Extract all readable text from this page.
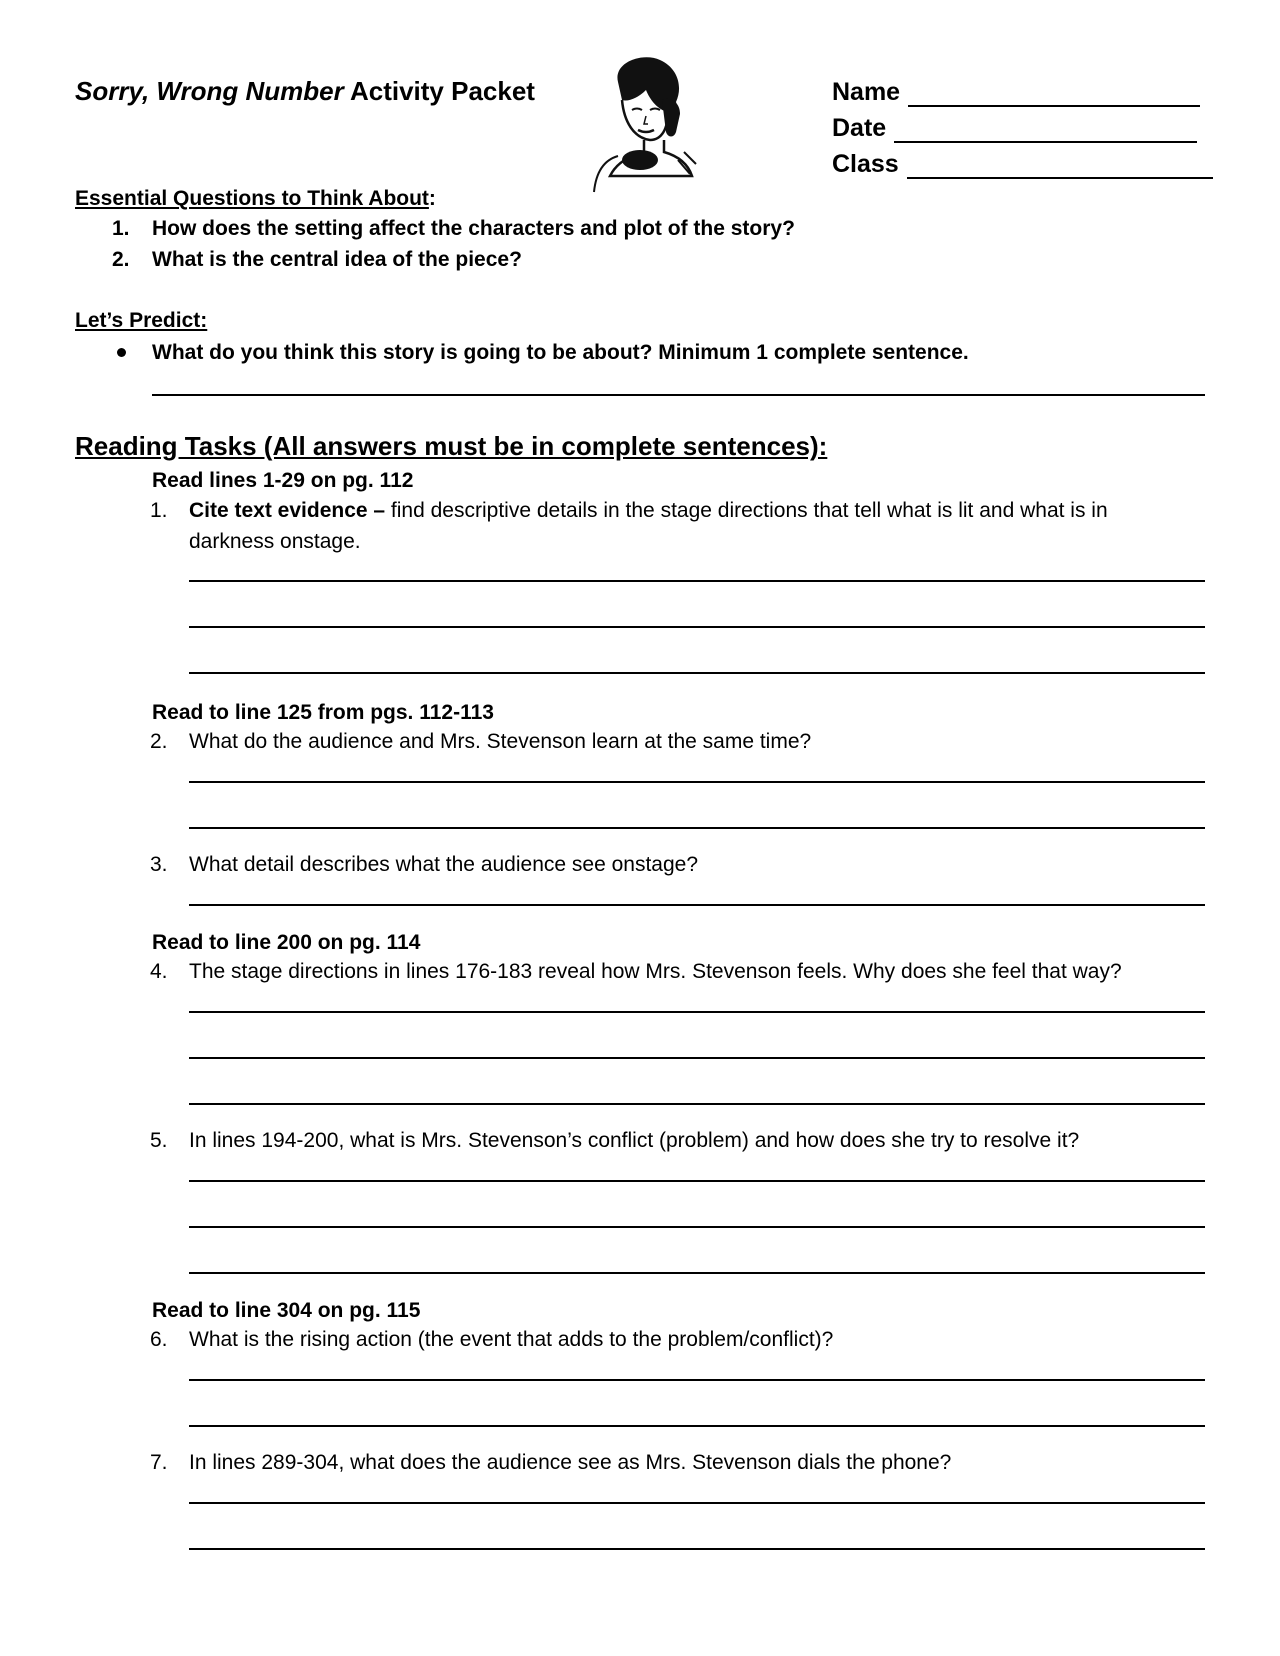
Sorry, Wrong Number Activity Packet	Name
Date
Class
Essential Questions to Think About:
1. How does the setting affect the characters and plot of the story?
2. What is the central idea of the piece?
Let’s Predict:
What do you think this story is going to be about? Minimum 1 complete sentence.
Reading Tasks (All answers must be in complete sentences):
Read lines 1-29 on pg. 112
1. Cite text evidence – find descriptive details in the stage directions that tell what is lit and what is in
darkness onstage.
Read to line 125 from pgs. 112-113
2. What do the audience and Mrs. Stevenson learn at the same time?
3. What detail describes what the audience see onstage?
Read to line 200 on pg. 114
4. The stage directions in lines 176-183 reveal how Mrs. Stevenson feels. Why does she feel that way?
5. In lines 194-200, what is Mrs. Stevenson’s conflict (problem) and how does she try to resolve it?
Read to line 304 on pg. 115
6. What is the rising action (the event that adds to the problem/conflict)?
7. In lines 289-304, what does the audience see as Mrs. Stevenson dials the phone?
